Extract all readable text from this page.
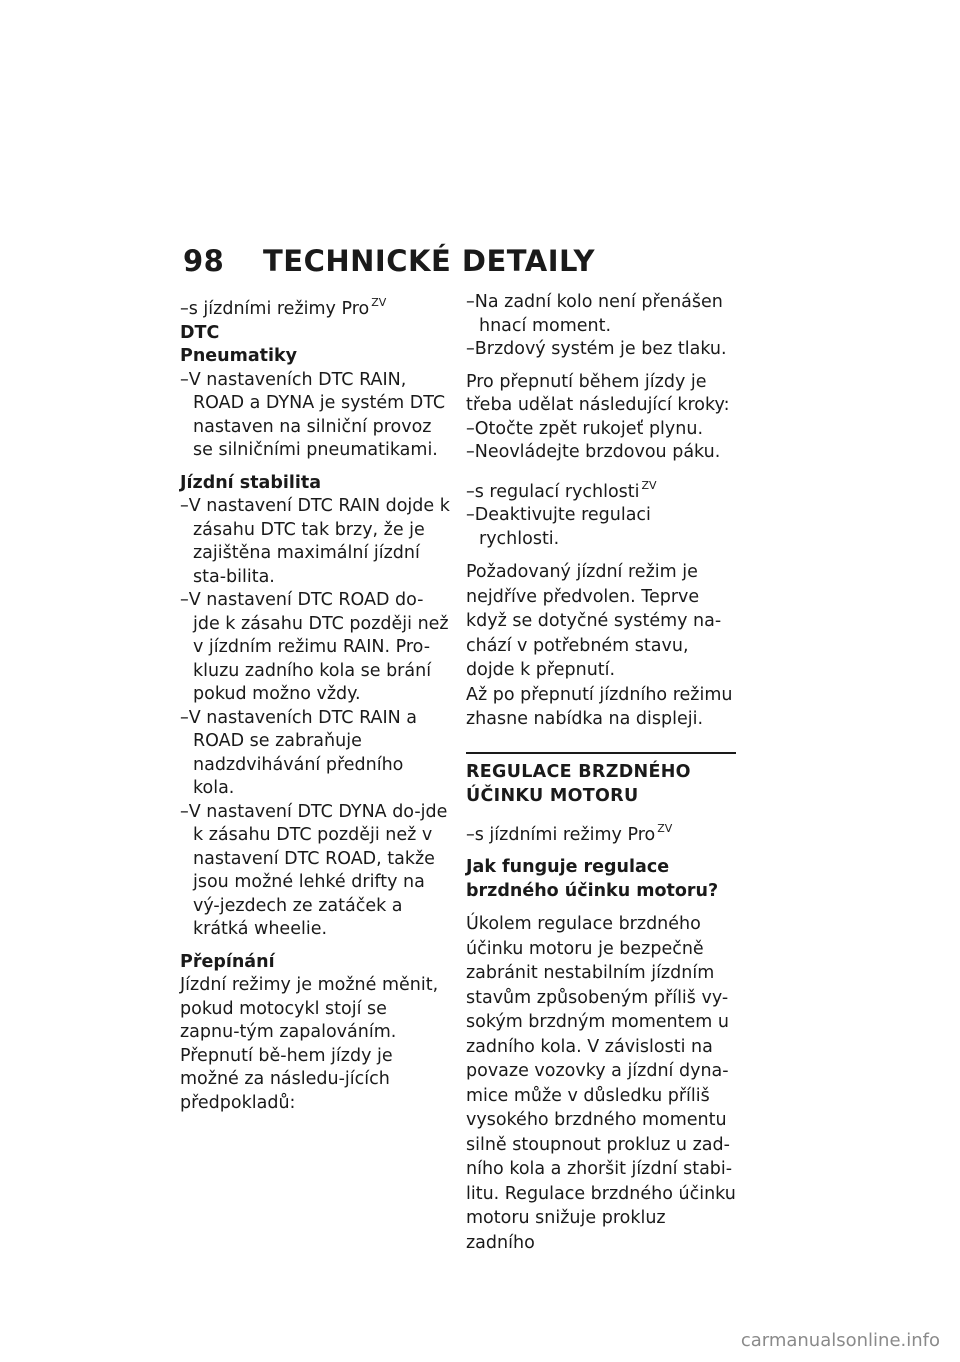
98 TECHNICKÉ DETAILY

–s jízdními režimy Pro $^{ZV}$

DTC

Pneumatiky

–V nastaveních DTC RAIN, ROAD a DYNA je systém DTC nastaven na silniční provoz se silničními pneumatikami.

Jízdní stabilita

–V nastavení DTC RAIN dojde k zásahu DTC tak brzy, že je zajištěna maximální jízdní sta-bilita.

–V nastavení DTC ROAD do-jde k zásahu DTC později než v jízdním režimu RAIN. Pro-kluzu zadního kola se brání pokud možno vždy.

–V nastaveních DTC RAIN a ROAD se zabraňuje nadzdvihávání předního kola.

–V nastavení DTC DYNA do-jde k zásahu DTC později než v nastavení DTC ROAD, takže jsou možné lehké drifty na vý-jezdech ze zatáček a krátká wheelie.

Přepínání

Jízdní režimy je možné měnit, pokud motocykl stojí se zapnu-tým zapalováním. Přepnutí bě-hem jízdy je možné za následu-jících předpokladů:

–Na zadní kolo není přenášen hnací moment.

–Brzdový systém je bez tlaku.

Pro přepnutí během jízdy je třeba udělat následující kroky:

–Otočte zpět rukojeť plynu.

–Neovládejte brzdovou páku.

–s regulací rychlosti $^{ZV}$

–Deaktivujte regulaci rychlosti.

Požadovaný jízdní režim je nejdříve předvolen. Teprve když se dotyčné systémy na-chází v potřebném stavu, dojde k přepnutí.

Až po přepnutí jízdního režimu zhasne nabídka na displeji.

REGULACE BRZDNÉHO

ÚČINKU MOTORU

–s jízdními režimy Pro $^{ZV}$

Jak funguje regulace brzdného účinku motoru?

Úkolem regulace brzdného účinku motoru je bezpečně zabránit nestabilním jízdním stavům způsobeným příliš vy-sokým brzdným momentem u zadního kola. V závislosti na povaze vozovky a jízdní dyna-mice může v důsledku příliš vysokého brzdného momentu silně stoupnout prokluz u zad-ního kola a zhoršit jízdní stabi-litu. Regulace brzdného účinku motoru snižuje prokluz zadního

carmanualsonline.info
